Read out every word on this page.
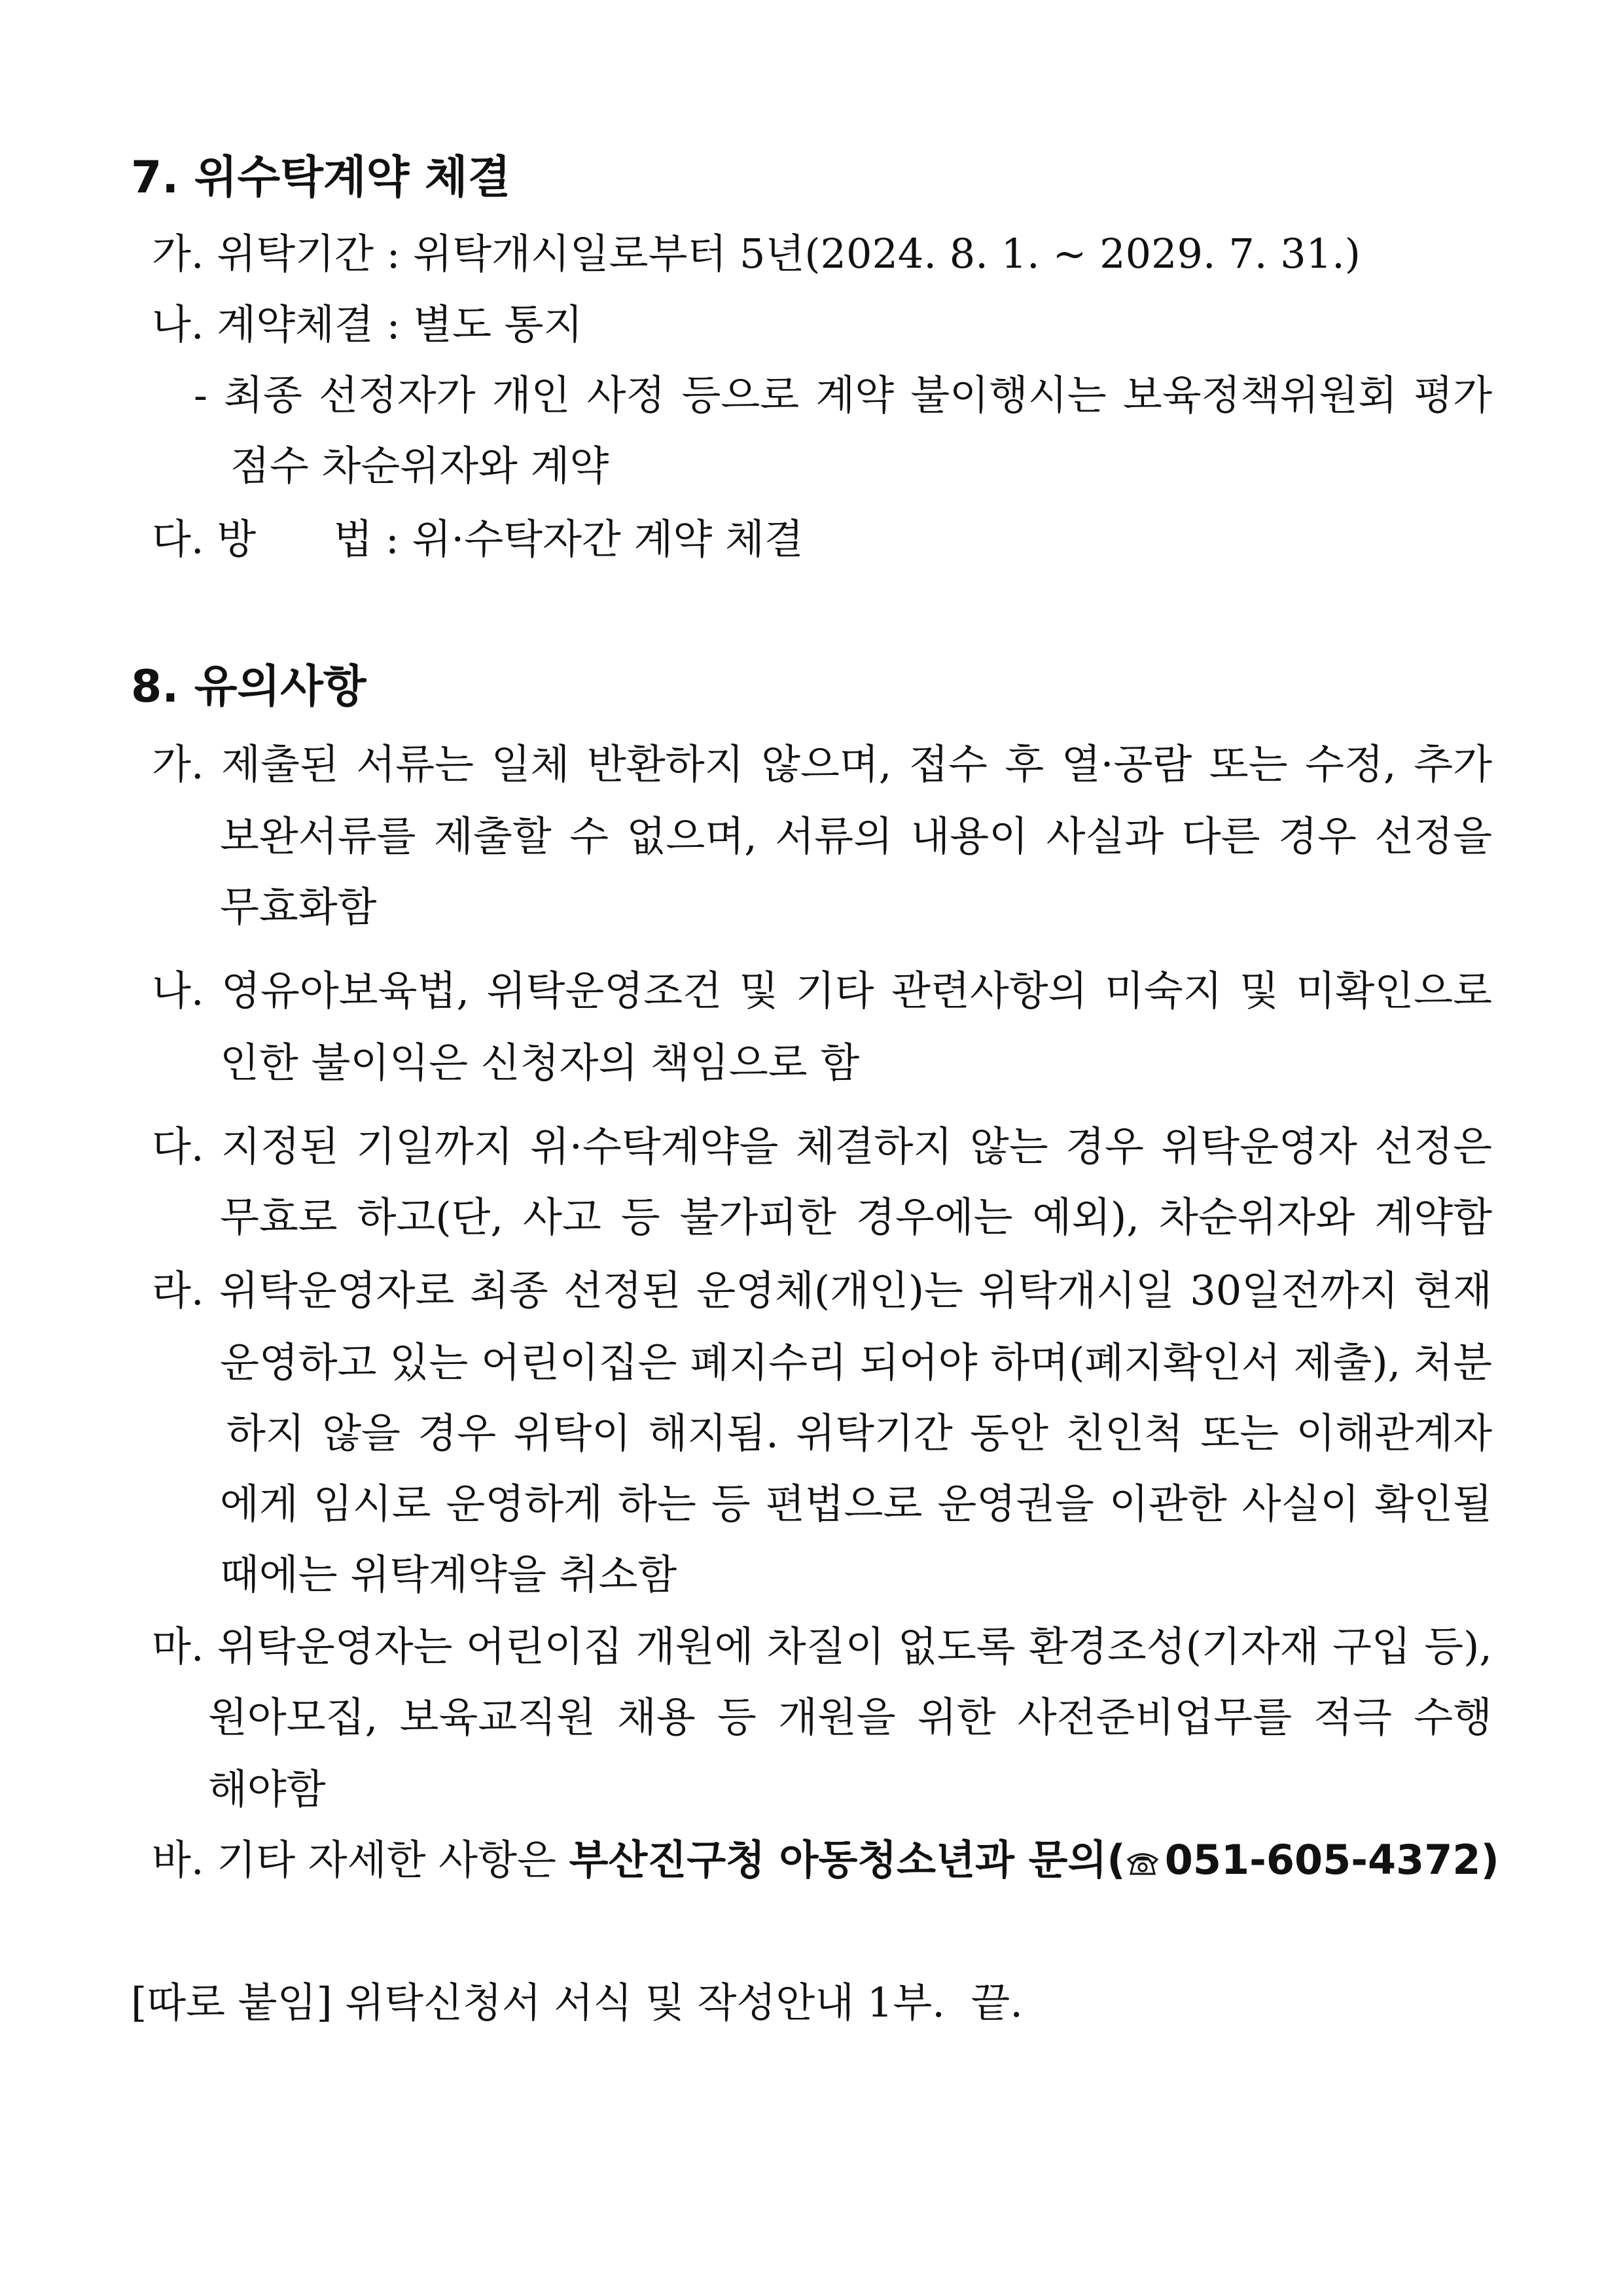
7. 위수탁계약 체결
가. 위탁기간 : 위탁개시일로부터 5년(2024. 8. 1. ~ 2029. 7. 31.)
나. 계약체결 : 별도 통지
- 최종 선정자가 개인 사정 등으로 계약 불이행시는 보육정책위원회 평가
점수 차순위자와 계약
다. 방      법 : 위·수탁자간 계약 체결
8. 유의사항
가. 제출된 서류는 일체 반환하지 않으며, 접수 후 열·공람 또는 수정, 추가
보완서류를 제출할 수 없으며, 서류의 내용이 사실과 다른 경우 선정을
무효화함
나. 영유아보육법, 위탁운영조건 및 기타 관련사항의 미숙지 및 미확인으로
인한 불이익은 신청자의 책임으로 함
다. 지정된 기일까지 위·수탁계약을 체결하지 않는 경우 위탁운영자 선정은
무효로 하고(단, 사고 등 불가피한 경우에는 예외), 차순위자와 계약함
라. 위탁운영자로 최종 선정된 운영체(개인)는 위탁개시일 30일전까지 현재
운영하고 있는 어린이집은 폐지수리 되어야 하며(폐지확인서 제출), 처분
하지 않을 경우 위탁이 해지됨. 위탁기간 동안 친인척 또는 이해관계자
에게 임시로 운영하게 하는 등 편법으로 운영권을 이관한 사실이 확인될
때에는 위탁계약을 취소함
마. 위탁운영자는 어린이집 개원에 차질이 없도록 환경조성(기자재 구입 등),
원아모집, 보육교직원 채용 등 개원을 위한 사전준비업무를 적극 수행
해야함
바. 기타 자세한 사항은 부산진구청 아동청소년과 문의( 051-605-4372)
[따로 붙임] 위탁신청서 서식 및 작성안내 1부.  끝.
